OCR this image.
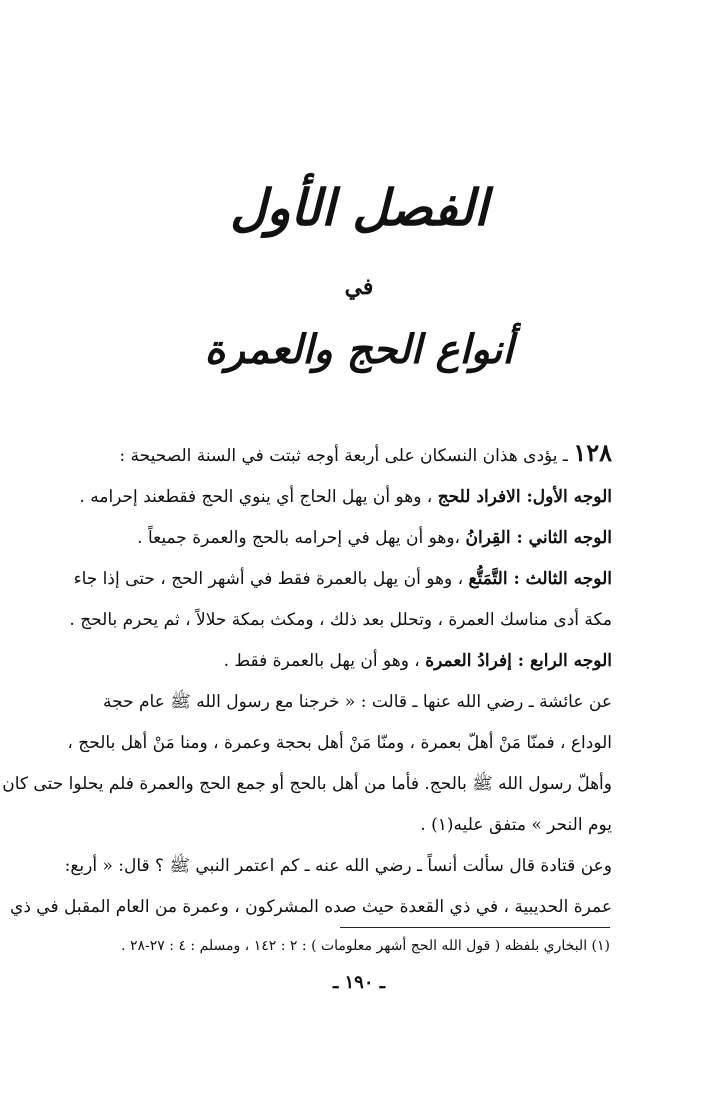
الفصل الأول
في
أنواع الحج والعمرة

١٢٨ ـ يؤدى هذان النسكان على أربعة أوجه ثبتت في السنة الصحيحة :

الوجه الأول: الافراد للحج ، وهو أن يهل الحاج أي ينوي الحج فقطعند إحرامه .

الوجه الثاني : القِرانُ ،وهو أن يهل في إحرامه بالحج والعمرة جميعاً .

الوجه الثالث : التَّمَتُّع ، وهو أن يهل بالعمرة فقط في أشهر الحج ، حتى إذا جاء

مكة أدى مناسك العمرة ، وتحلل بعد ذلك ، ومكث بمكة حلالاً ، ثم يحرم بالحج .

الوجه الرابع : إفرادُ العمرة ، وهو أن يهل بالعمرة فقط .

عن عائشة ـ رضي الله عنها ـ قالت : « خرجنا مع رسول الله ﷺ عام حجة

الوداع ، فمنّا مَنْ أهلّ بعمرة ، ومنّا مَنْ أهل بحجة وعمرة ، ومنا مَنْ أهل بالحج ،

وأهلّ رسول الله ﷺ بالحج. فأما من أهل بالحج أو جمع الحج والعمرة فلم يحلوا حتى كان

يوم النحر » متفق عليه(١) .

وعن قتادة قال سألت أنساً ـ رضي الله عنه ـ كم اعتمر النبي ﷺ ؟ قال: « أربع:

عمرة الحديبية ، في ذي القعدة حيث صده المشركون ، وعمرة من العام المقبل في ذي

(١) البخاري بلفظه ( قول الله الحج أشهر معلومات ) : ٢ : ١٤٢ ، ومسلم : ٤ : ٢٧-٢٨ .
ـ ١٩٠ ـ
